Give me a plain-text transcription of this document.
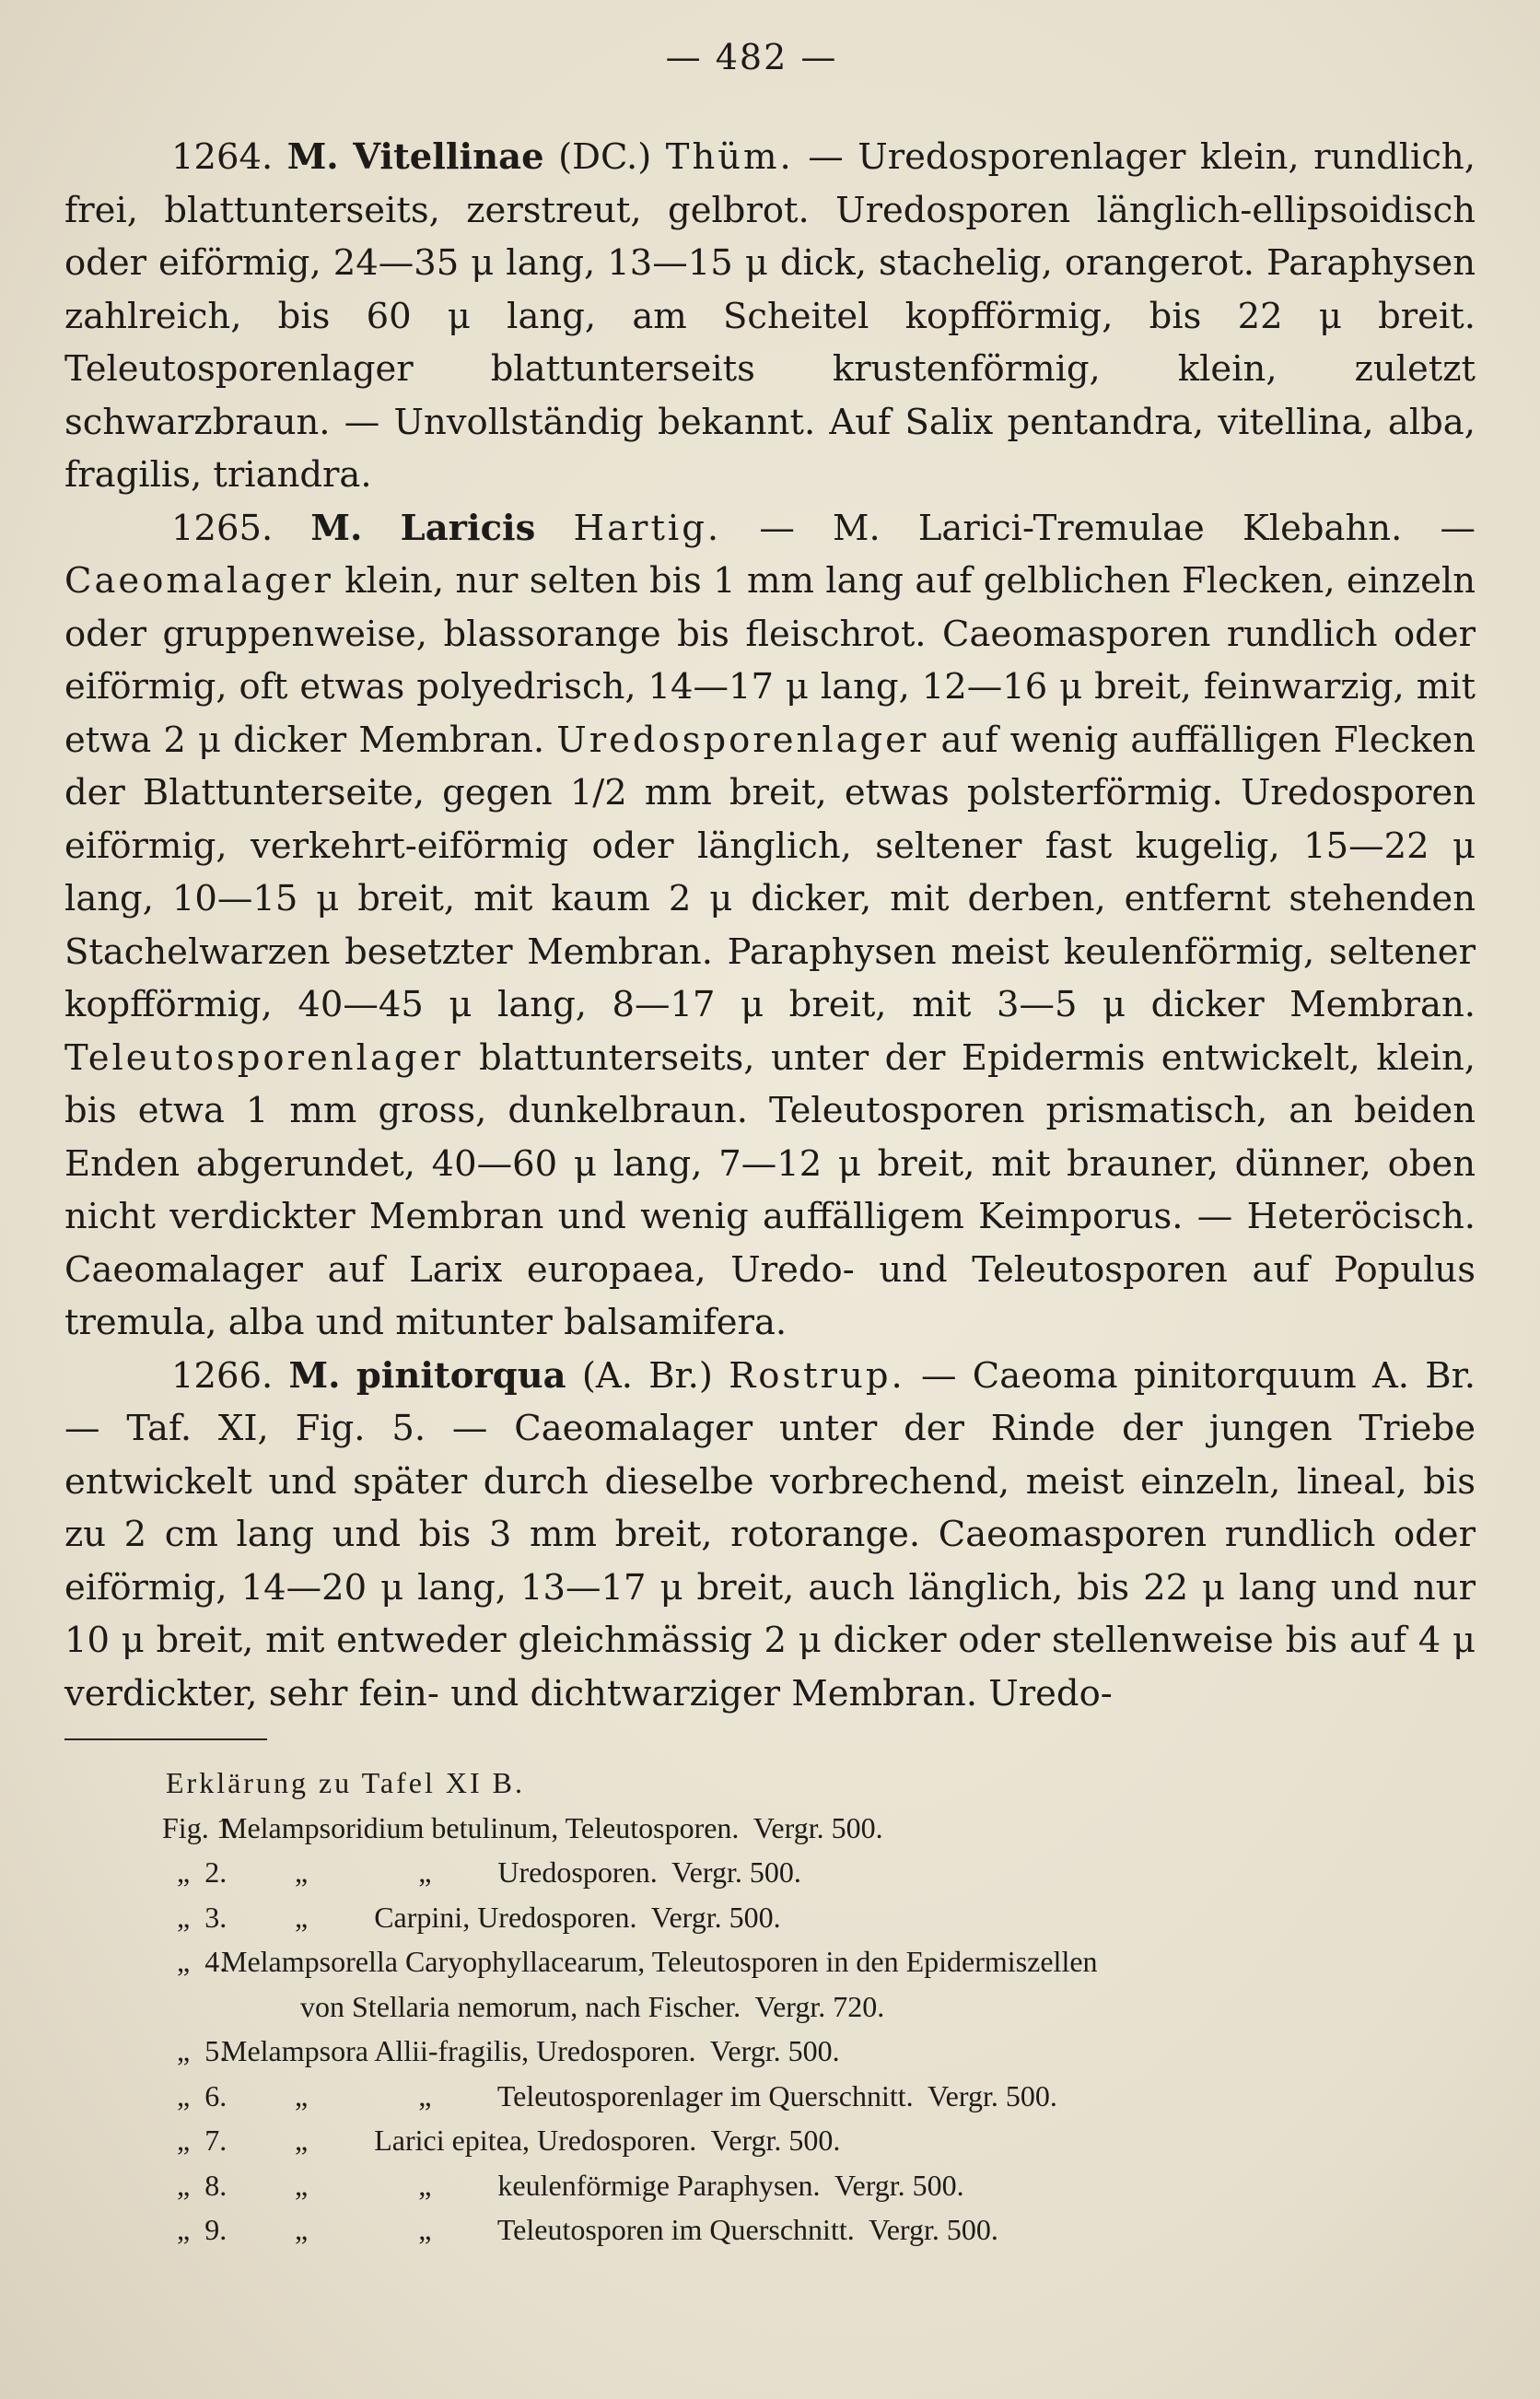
— 482 —

1264. M. Vitellinae (DC.) Thüm. — Uredosporenlager klein, rundlich, frei, blattunterseits, zerstreut, gelbrot. Uredosporen länglich-ellipsoidisch oder eiförmig, 24—35 μ lang, 13—15 μ dick, stachelig, orangerot. Paraphysen zahlreich, bis 60 μ lang, am Scheitel kopfförmig, bis 22 μ breit. Teleutosporenlager blattunterseits krustenförmig, klein, zuletzt schwarzbraun. — Unvollständig bekannt. Auf Salix pentandra, vitellina, alba, fragilis, triandra.

1265. M. Laricis Hartig. — M. Larici-Tremulae Klebahn. — Caeomalager klein, nur selten bis 1 mm lang auf gelblichen Flecken, einzeln oder gruppenweise, blassorange bis fleischrot. Caeomasporen rundlich oder eiförmig, oft etwas polyedrisch, 14—17 μ lang, 12—16 μ breit, feinwarzig, mit etwa 2 μ dicker Membran. Uredosporenlager auf wenig auffälligen Flecken der Blattunterseite, gegen 1/2 mm breit, etwas polsterförmig. Uredosporen eiförmig, verkehrt-eiförmig oder länglich, seltener fast kugelig, 15—22 μ lang, 10—15 μ breit, mit kaum 2 μ dicker, mit derben, entfernt stehenden Stachelwarzen besetzter Membran. Paraphysen meist keulenförmig, seltener kopfförmig, 40—45 μ lang, 8—17 μ breit, mit 3—5 μ dicker Membran. Teleutosporenlager blattunterseits, unter der Epidermis entwickelt, klein, bis etwa 1 mm gross, dunkelbraun. Teleutosporen prismatisch, an beiden Enden abgerundet, 40—60 μ lang, 7—12 μ breit, mit brauner, dünner, oben nicht verdickter Membran und wenig auffälligem Keimporus. — Heteröcisch. Caeomalager auf Larix europaea, Uredo- und Teleutosporen auf Populus tremula, alba und mitunter balsamifera.

1266. M. pinitorqua (A. Br.) Rostrup. — Caeoma pinitorquum A. Br. — Taf. XI, Fig. 5. — Caeomalager unter der Rinde der jungen Triebe entwickelt und später durch dieselbe vorbrechend, meist einzeln, lineal, bis zu 2 cm lang und bis 3 mm breit, rotorange. Caeomasporen rundlich oder eiförmig, 14—20 μ lang, 13—17 μ breit, auch länglich, bis 22 μ lang und nur 10 μ breit, mit entweder gleichmässig 2 μ dicker oder stellenweise bis auf 4 μ verdickter, sehr fein- und dichtwarziger Membran. Uredo-

Erklärung zu Tafel XI B.
Fig. 1.
Melampsoridium betulinum, Teleutosporen.  Vergr. 500.
„  2.
„               „         Uredosporen.  Vergr. 500.
„  3.
„         Carpini, Uredosporen.  Vergr. 500.
„  4.
Melampsorella Caryophyllacearum, Teleutosporen in den Epidermiszellen
von Stellaria nemorum, nach Fischer.  Vergr. 720.
„  5.
Melampsora Allii-fragilis, Uredosporen.  Vergr. 500.
„  6.
„               „         Teleutosporenlager im Querschnitt.  Vergr. 500.
„  7.
„         Larici epitea, Uredosporen.  Vergr. 500.
„  8.
„               „         keulenförmige Paraphysen.  Vergr. 500.
„  9.
„               „         Teleutosporen im Querschnitt.  Vergr. 500.
